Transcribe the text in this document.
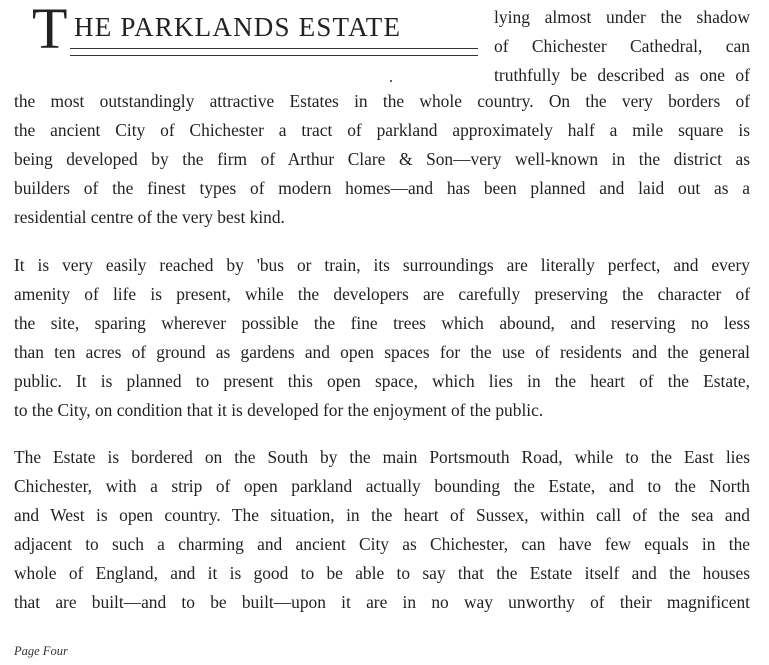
T HE PARKLANDS ESTATE	lying almost under the shadow
of Chichester Cathedral, can
truthfully be described as one of
the most outstandingly attractive Estates in the whole country. On the very borders of
the ancient City of Chichester a tract of parkland approximately half a mile square is
being developed by the firm of Arthur Clare & Son—very well-known in the district as
builders of the finest types of modern homes—and has been planned and laid out as a
residential centre of the very best kind.
It is very easily reached by 'bus or train, its surroundings are literally perfect, and every
amenity of life is present, while the developers are carefully preserving the character of
the site, sparing wherever possible the fine trees which abound, and reserving no less
than ten acres of ground as gardens and open spaces for the use of residents and the general
public. It is planned to present this open space, which lies in the heart of the Estate,
to the City, on condition that it is developed for the enjoyment of the public.
The Estate is bordered on the South by the main Portsmouth Road, while to the East lies
Chichester, with a strip of open parkland actually bounding the Estate, and to the North
and West is open country. The situation, in the heart of Sussex, within call of the sea and
adjacent to such a charming and ancient City as Chichester, can have few equals in the
whole of England, and it is good to be able to say that the Estate itself and the houses
that are built—and to be built—upon it are in no way unworthy of their magnificent
Page Four
